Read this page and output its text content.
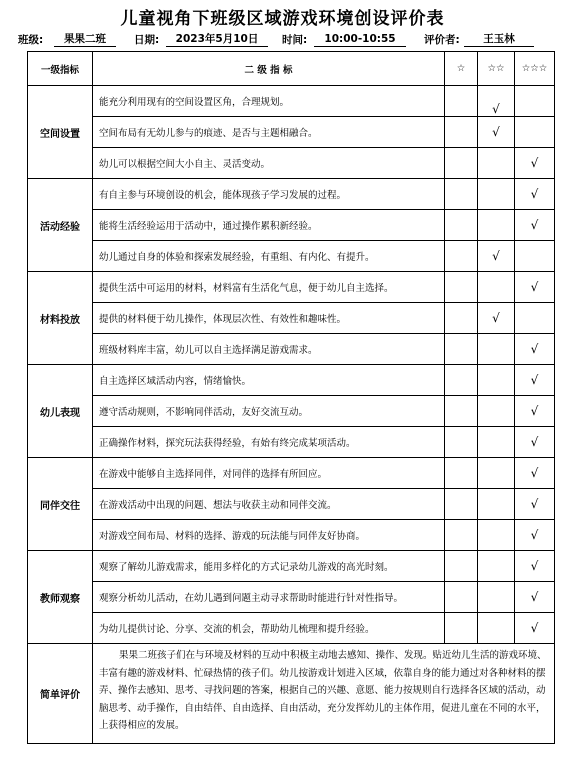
儿童视角下班级区域游戏环境创设评价表
班级:	果果二班	日期:	2023年5月10日	时间:	10:00-10:55	评价者:	王玉林
一级指标	二 级 指 标	☆	☆☆	☆☆☆
空间设置	能充分利用现有的空间设置区角，合理规划。		√	
	空间布局有无幼儿参与的痕迹、是否与主题相融合。		√	
	幼儿可以根据空间大小自主、灵活变动。			√
活动经验	有自主参与环境创设的机会，能体现孩子学习发展的过程。			√
	能将生活经验运用于活动中，通过操作累积新经验。			√
	幼儿通过自身的体验和探索发展经验，有重组、有内化、有提升。		√	
材料投放	提供生活中可运用的材料，材料富有生活化气息，便于幼儿自主选择。			√
	提供的材料便于幼儿操作，体现层次性、有效性和趣味性。		√	
	班级材料库丰富，幼儿可以自主选择满足游戏需求。			√
幼儿表现	自主选择区域活动内容，情绪愉快。			√
	遵守活动规则，不影响同伴活动，友好交流互动。			√
	正确操作材料，探究玩法获得经验，有始有终完成某项活动。			√
同伴交往	在游戏中能够自主选择同伴，对同伴的选择有所回应。			√
	在游戏活动中出现的问题、想法与收获主动和同伴交流。			√
	对游戏空间布局、材料的选择、游戏的玩法能与同伴友好协商。			√
教师观察	观察了解幼儿游戏需求，能用多样化的方式记录幼儿游戏的高光时刻。			√
	观察分析幼儿活动，在幼儿遇到问题主动寻求帮助时能进行针对性指导。			√
	为幼儿提供讨论、分享、交流的机会，帮助幼儿梳理和提升经验。			√
简单评价	果果二班孩子们在与环境及材料的互动中积极主动地去感知、操作、发现。贴近幼儿生活的游戏环境、丰富有趣的游戏材料、忙碌热情的孩子们。幼儿按游戏计划进入区域，依靠自身的能力通过对各种材料的摆弄、操作去感知、思考、寻找问题的答案，根据自己的兴趣、意愿、能力按规则自行选择各区域的活动，动脑思考、动手操作，自由结伴、自由选择、自由活动，充分发挥幼儿的主体作用，促进儿童在不同的水平，上获得相应的发展。			
